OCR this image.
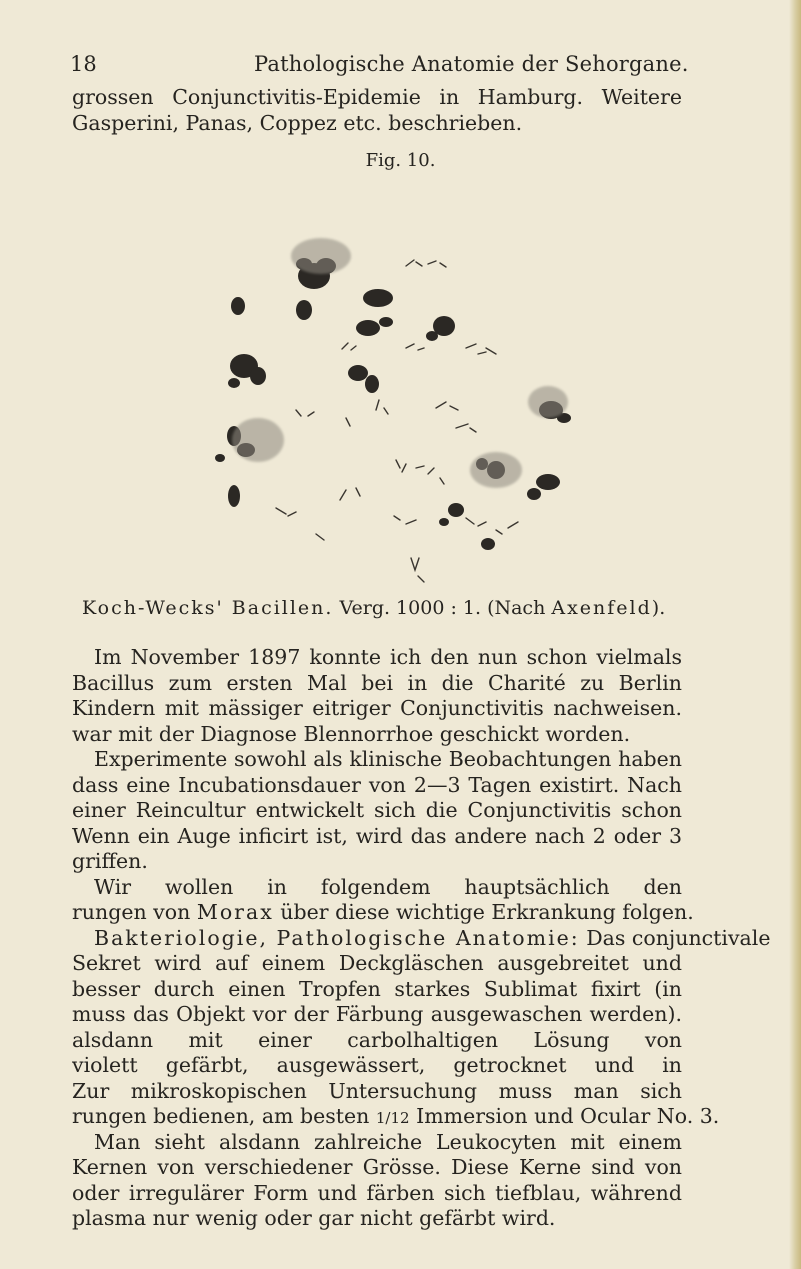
18	Pathologische Anatomie der Sehorgane.
grossen Conjunctivitis-Epidemie in Hamburg. Weitere
Gasperini, Panas, Coppez etc. beschrieben.
Fig. 10.
Koch-Wecks' Bacillen. Verg. 1000 : 1. (Nach Axenfeld).
Im November 1897 konnte ich den nun schon vielmals
Bacillus zum ersten Mal bei in die Charité zu Berlin
Kindern mit mässiger eitriger Conjunctivitis nachweisen.
war mit der Diagnose Blennorrhoe geschickt worden.
Experimente sowohl als klinische Beobachtungen haben
dass eine Incubationsdauer von 2—3 Tagen existirt. Nach
einer Reincultur entwickelt sich die Conjunctivitis schon
Wenn ein Auge inficirt ist, wird das andere nach 2 oder 3
griffen.
Wir wollen in folgendem hauptsächlich den
rungen von Morax über diese wichtige Erkrankung folgen.
Bakteriologie, Pathologische Anatomie: Das conjunctivale
Sekret wird auf einem Deckgläschen ausgebreitet und
besser durch einen Tropfen starkes Sublimat fixirt (in
muss das Objekt vor der Färbung ausgewaschen werden).
alsdann mit einer carbolhaltigen Lösung von
violett gefärbt, ausgewässert, getrocknet und in
Zur mikroskopischen Untersuchung muss man sich
rungen bedienen, am besten 1/12 Immersion und Ocular No. 3.
Man sieht alsdann zahlreiche Leukocyten mit einem
Kernen von verschiedener Grösse. Diese Kerne sind von
oder irregulärer Form und färben sich tiefblau, während
plasma nur wenig oder gar nicht gefärbt wird.
